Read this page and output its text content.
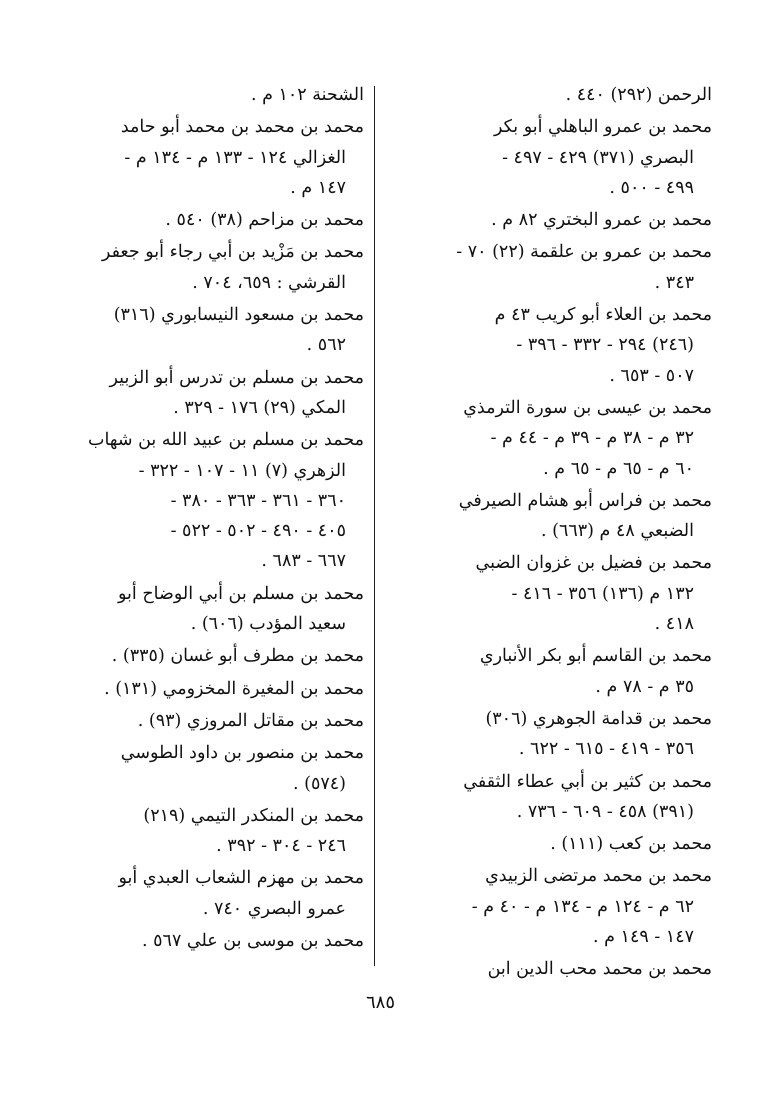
الرحمن (٢٩٢) ٤٤٠ .
محمد بن عمرو الباهلي أبو بكر
البصري (٣٧١) ٤٢٩ - ٤٩٧ -
٤٩٩ - ٥٠٠ .
محمد بن عمرو البختري ٨٢ م .
محمد بن عمرو بن علقمة (٢٢) ٧٠ -
٣٤٣ .
محمد بن العلاء أبو كريب ٤٣ م
(٢٤٦) ٢٩٤ - ٣٣٢ - ٣٩٦ -
٥٠٧ - ٦٥٣ .
محمد بن عيسى بن سورة الترمذي
٣٢ م - ٣٨ م - ٣٩ م - ٤٤ م -
٦٠ م - ٦٥ م - ٦٥ م .
محمد بن فراس أبو هشام الصيرفي
الضبعي ٤٨ م (٦٦٣) .
محمد بن فضيل بن غزوان الضبي
١٣٢ م (١٣٦) ٣٥٦ - ٤١٦ -
٤١٨ .
محمد بن القاسم أبو بكر الأنباري
٣٥ م - ٧٨ م .
محمد بن قدامة الجوهري (٣٠٦)
٣٥٦ - ٤١٩ - ٦١٥ - ٦٢٢ .
محمد بن كثير بن أبي عطاء الثقفي
(٣٩١) ٤٥٨ - ٦٠٩ - ٧٣٦ .
محمد بن كعب (١١١) .
محمد بن محمد مرتضى الزبيدي
٦٢ م - ١٢٤ م - ١٣٤ م - ٤٠ م -
١٤٧ - ١٤٩ م .
محمد بن محمد محب الدين ابن
الشحنة ١٠٢ م .
محمد بن محمد بن محمد أبو حامد
الغزالي ١٢٤ - ١٣٣ م - ١٣٤ م -
١٤٧ م .
محمد بن مزاحم (٣٨) ٥٤٠ .
محمد بن مَزْيد بن أبي رجاء أبو جعفر
القرشي : ٦٥٩، ٧٠٤ .
محمد بن مسعود النيسابوري (٣١٦)
٥٦٢ .
محمد بن مسلم بن تدرس أبو الزبير
المكي (٢٩) ١٧٦ - ٣٢٩ .
محمد بن مسلم بن عبيد الله بن شهاب
الزهري (٧) ١١ - ١٠٧ - ٣٢٢ -
٣٦٠ - ٣٦١ - ٣٦٣ - ٣٨٠ -
٤٠٥ - ٤٩٠ - ٥٠٢ - ٥٢٢ -
٦٦٧ - ٦٨٣ .
محمد بن مسلم بن أبي الوضاح أبو
سعيد المؤدب (٦٠٦) .
محمد بن مطرف أبو غسان (٣٣٥) .
محمد بن المغيرة المخزومي (١٣١) .
محمد بن مقاتل المروزي (٩٣) .
محمد بن منصور بن داود الطوسي
(٥٧٤) .
محمد بن المنكدر التيمي (٢١٩)
٢٤٦ - ٣٠٤ - ٣٩٢ .
محمد بن مهزم الشعاب العبدي أبو
عمرو البصري ٧٤٠ .
محمد بن موسى بن علي ٥٦٧ .
٦٨٥
